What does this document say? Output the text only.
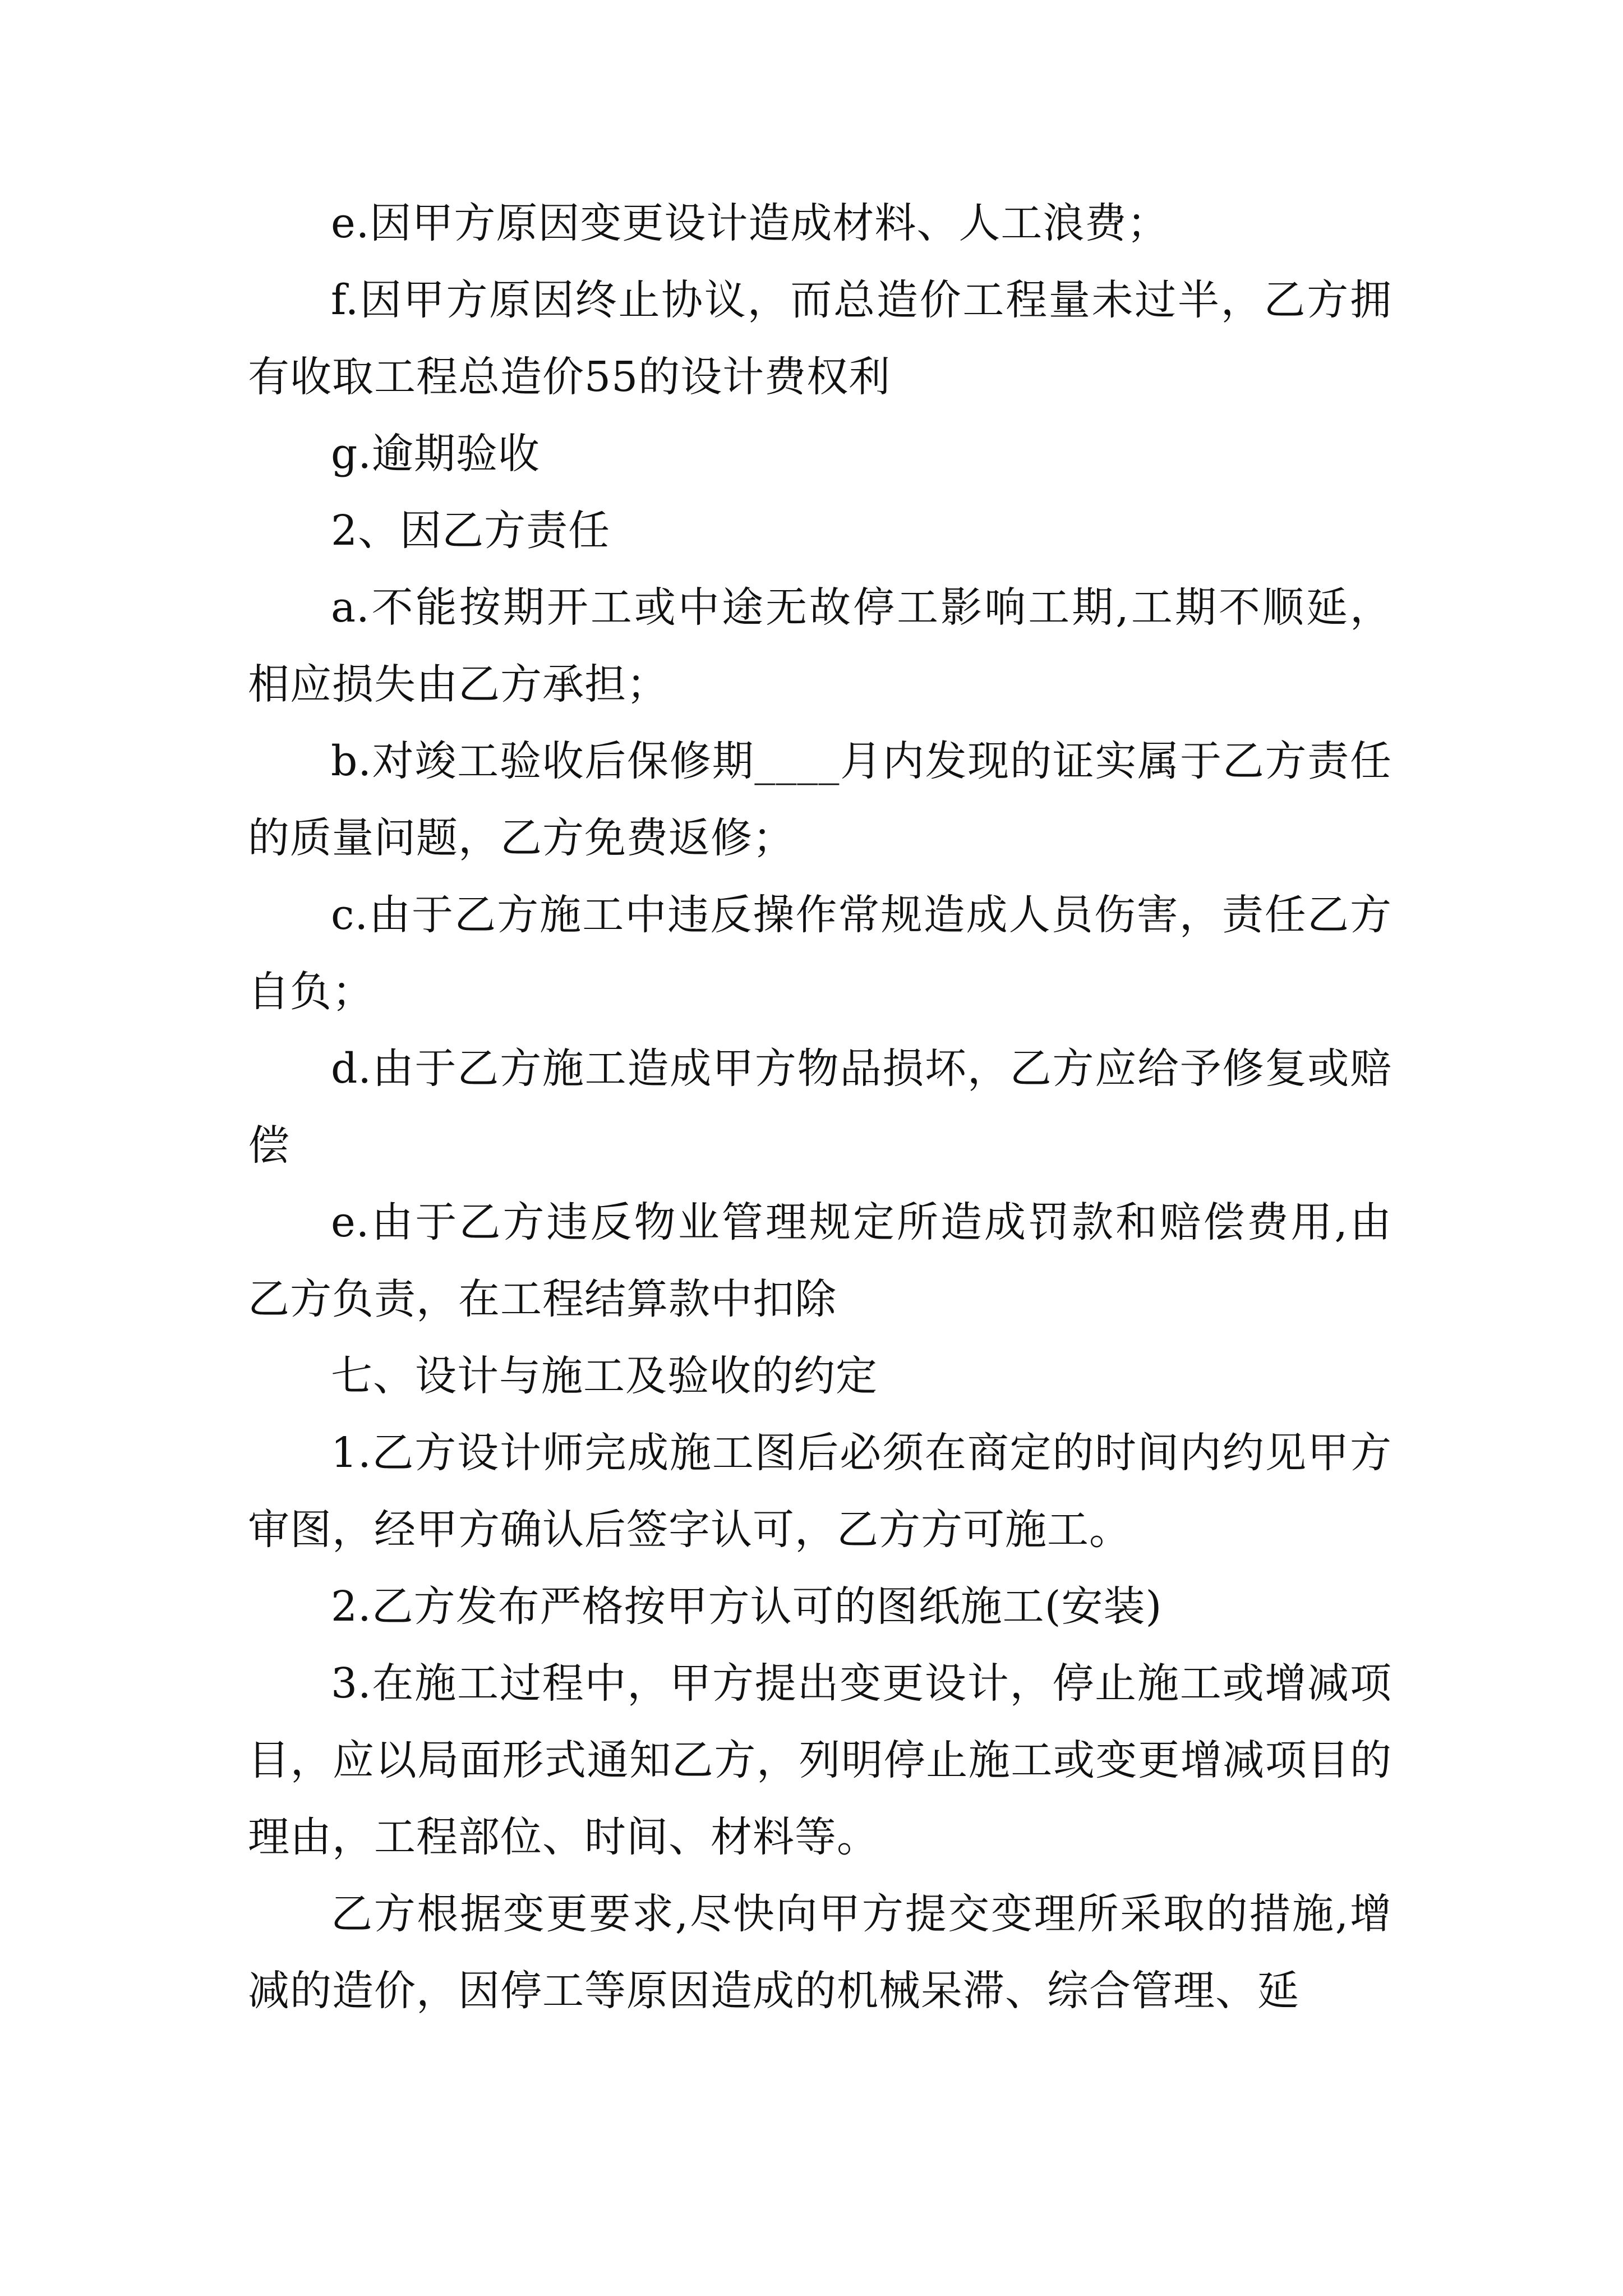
e.因甲方原因变更设计造成材料、人工浪费；

f.因甲方原因终止协议，而总造价工程量未过半，乙方拥有收取工程总造价55的设计费权利

g.逾期验收

2、因乙方责任

a.不能按期开工或中途无故停工影响工期,工期不顺延，相应损失由乙方承担；

b.对竣工验收后保修期____月内发现的证实属于乙方责任的质量问题，乙方免费返修；

c.由于乙方施工中违反操作常规造成人员伤害，责任乙方自负；

d.由于乙方施工造成甲方物品损坏，乙方应给予修复或赔偿

e.由于乙方违反物业管理规定所造成罚款和赔偿费用,由乙方负责，在工程结算款中扣除

七、设计与施工及验收的约定

1.乙方设计师完成施工图后必须在商定的时间内约见甲方审图，经甲方确认后签字认可，乙方方可施工。

2.乙方发布严格按甲方认可的图纸施工(安装)

3.在施工过程中，甲方提出变更设计，停止施工或增减项目，应以局面形式通知乙方，列明停止施工或变更增减项目的理由，工程部位、时间、材料等。

乙方根据变更要求,尽快向甲方提交变理所采取的措施,增减的造价，因停工等原因造成的机械呆滞、综合管理、延
